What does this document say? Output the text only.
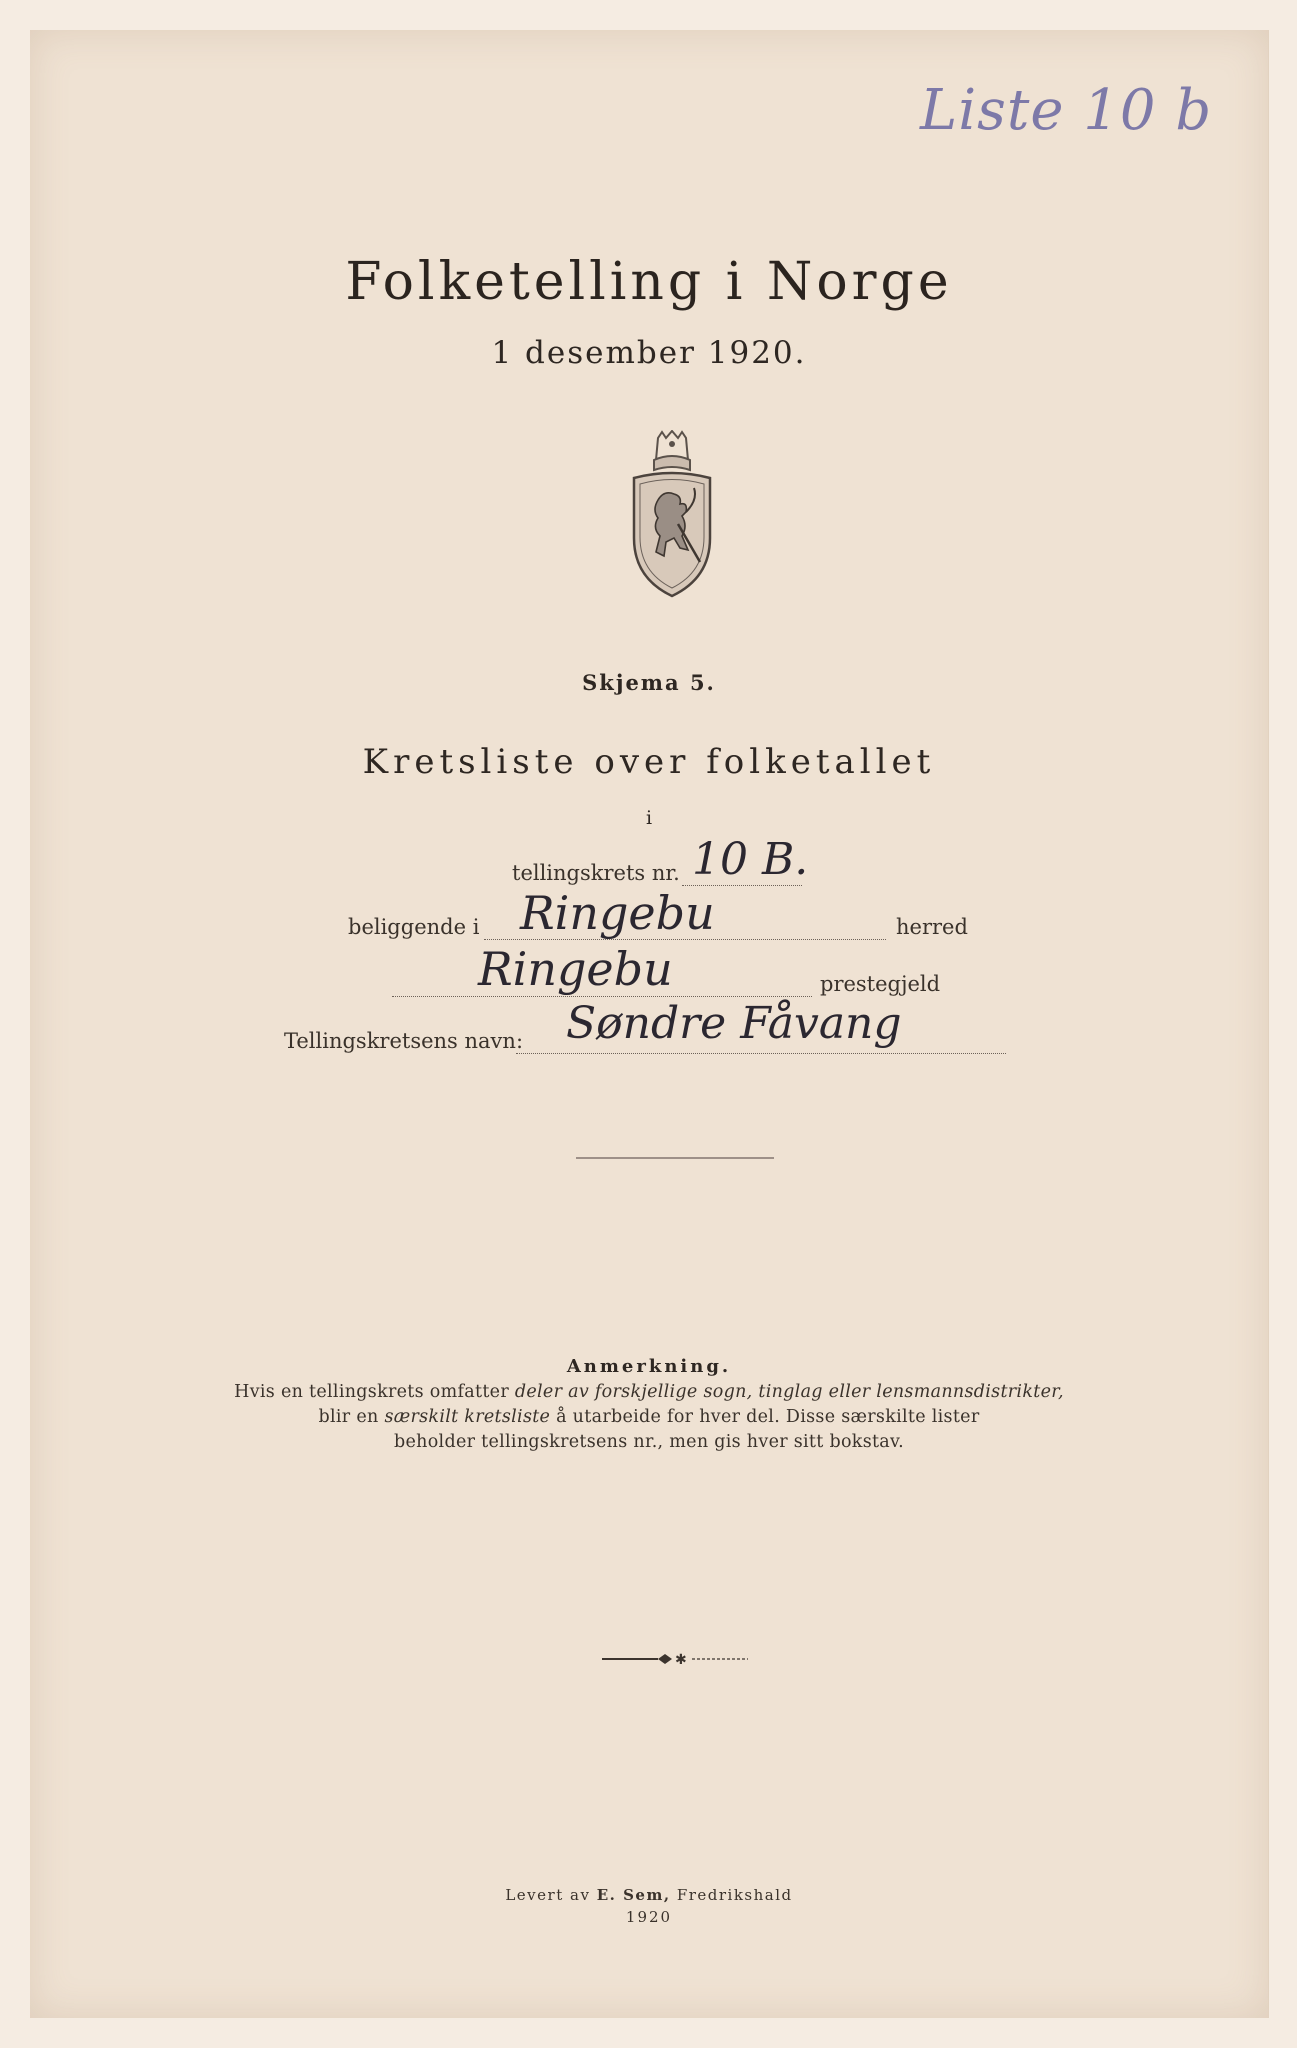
Liste 10 b
Folketelling i Norge
1 desember 1920.
Skjema 5.
Kretsliste over folketallet
i
tellingskrets nr. 10 B.
beliggende i Ringebu	herred
Ringebu	prestegjeld
Tellingskretsens navn: Søndre Fåvang
Anmerkning.
Hvis en tellingskrets omfatter deler av forskjellige sogn, tinglag eller lensmannsdistrikter,
blir en særskilt kretsliste å utarbeide for hver del. Disse særskilte lister
beholder tellingskretsens nr., men gis hver sitt bokstav.
✱
Levert av E. Sem, Fredrikshald
1920
